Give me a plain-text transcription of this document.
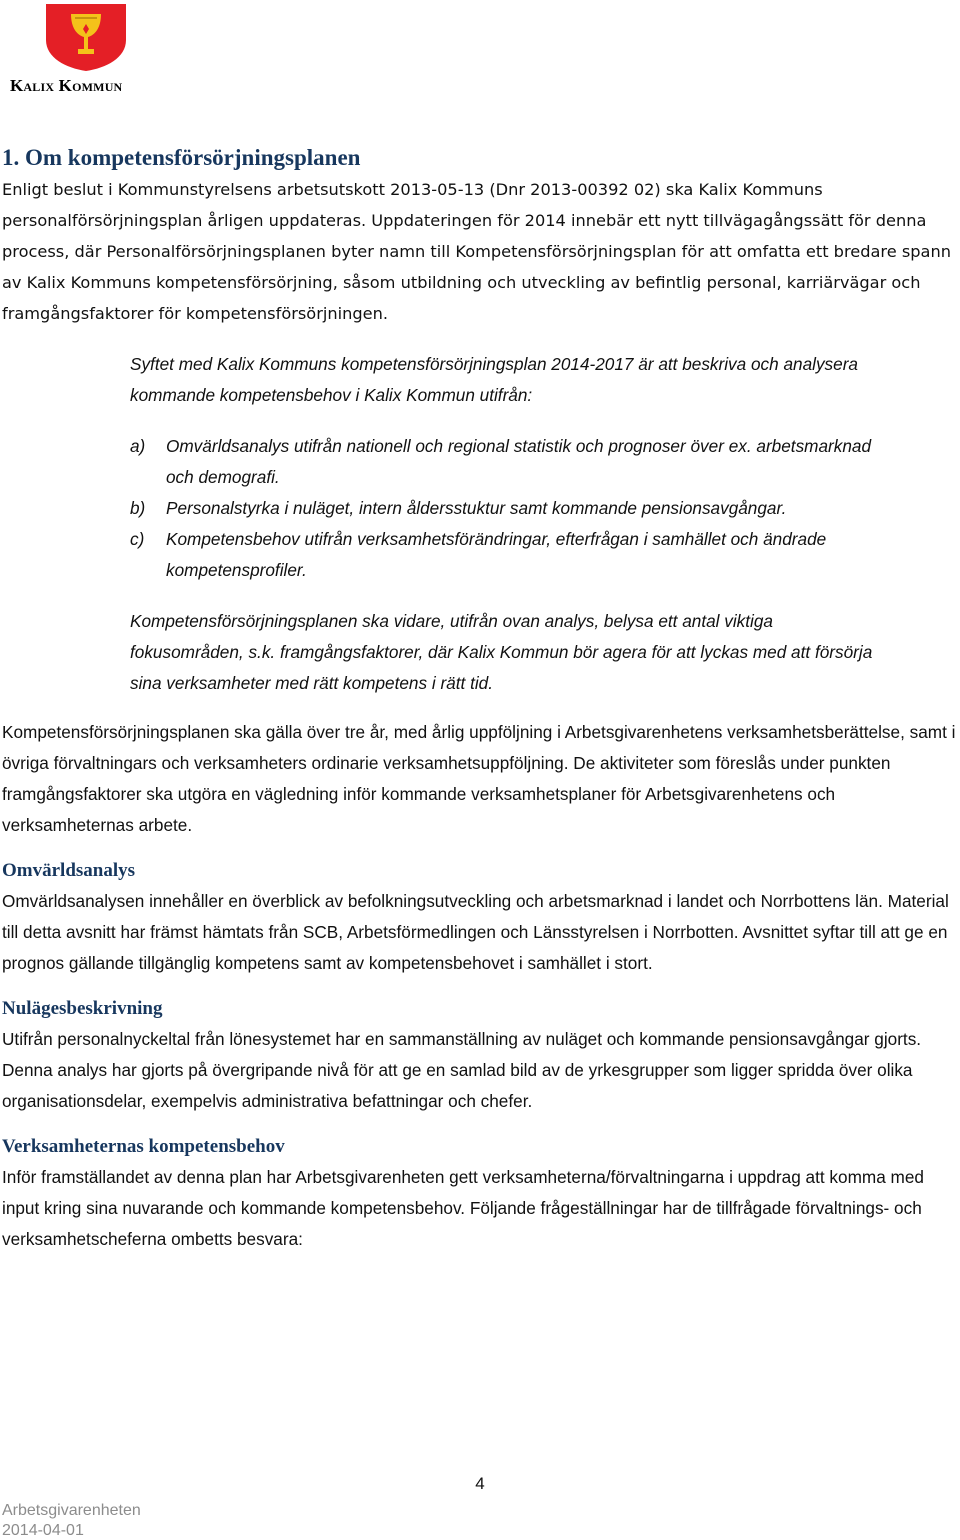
Kalix Kommun
1. Om kompetensförsörjningsplanen

Enligt beslut i Kommunstyrelsens arbetsutskott 2013-05-13 (Dnr 2013-00392 02) ska Kalix Kommuns personalförsörjningsplan årligen uppdateras. Uppdateringen för 2014 innebär ett nytt tillvägagångssätt för denna process, där Personalförsörjningsplanen byter namn till Kompetensförsörjningsplan för att omfatta ett bredare spann av Kalix Kommuns kompetensförsörjning, såsom utbildning och utveckling av befintlig personal, karriärvägar och framgångsfaktorer för kompetensförsörjningen.

Syftet med Kalix Kommuns kompetensförsörjningsplan 2014-2017 är att beskriva och analysera kommande kompetensbehov i Kalix Kommun utifrån:

a) Omvärldsanalys utifrån nationell och regional statistik och prognoser över ex. arbetsmarknad och demografi.
b) Personalstyrka i nuläget, intern åldersstuktur samt kommande pensionsavgångar.
c) Kompetensbehov utifrån verksamhetsförändringar, efterfrågan i samhället och ändrade kompetensprofiler.

Kompetensförsörjningsplanen ska vidare, utifrån ovan analys, belysa ett antal viktiga fokusområden, s.k. framgångsfaktorer, där Kalix Kommun bör agera för att lyckas med att försörja sina verksamheter med rätt kompetens i rätt tid.

Kompetensförsörjningsplanen ska gälla över tre år, med årlig uppföljning i Arbetsgivarenhetens verksamhetsberättelse, samt i övriga förvaltningars och verksamheters ordinarie verksamhetsuppföljning. De aktiviteter som föreslås under punkten framgångsfaktorer ska utgöra en vägledning inför kommande verksamhetsplaner för Arbetsgivarenhetens och verksamheternas arbete.

Omvärldsanalys

Omvärldsanalysen innehåller en överblick av befolkningsutveckling och arbetsmarknad i landet och Norrbottens län. Material till detta avsnitt har främst hämtats från SCB, Arbetsförmedlingen och Länsstyrelsen i Norrbotten. Avsnittet syftar till att ge en prognos gällande tillgänglig kompetens samt av kompetensbehovet i samhället i stort.

Nulägesbeskrivning

Utifrån personalnyckeltal från lönesystemet har en sammanställning av nuläget och kommande pensionsavgångar gjorts. Denna analys har gjorts på övergripande nivå för att ge en samlad bild av de yrkesgrupper som ligger spridda över olika organisationsdelar, exempelvis administrativa befattningar och chefer.

Verksamheternas kompetensbehov

Inför framställandet av denna plan har Arbetsgivarenheten gett verksamheterna/förvaltningarna i uppdrag att komma med input kring sina nuvarande och kommande kompetensbehov. Följande frågeställningar har de tillfrågade förvaltnings- och verksamhetscheferna ombetts besvara:

4
Arbetsgivarenheten
2014-04-01
